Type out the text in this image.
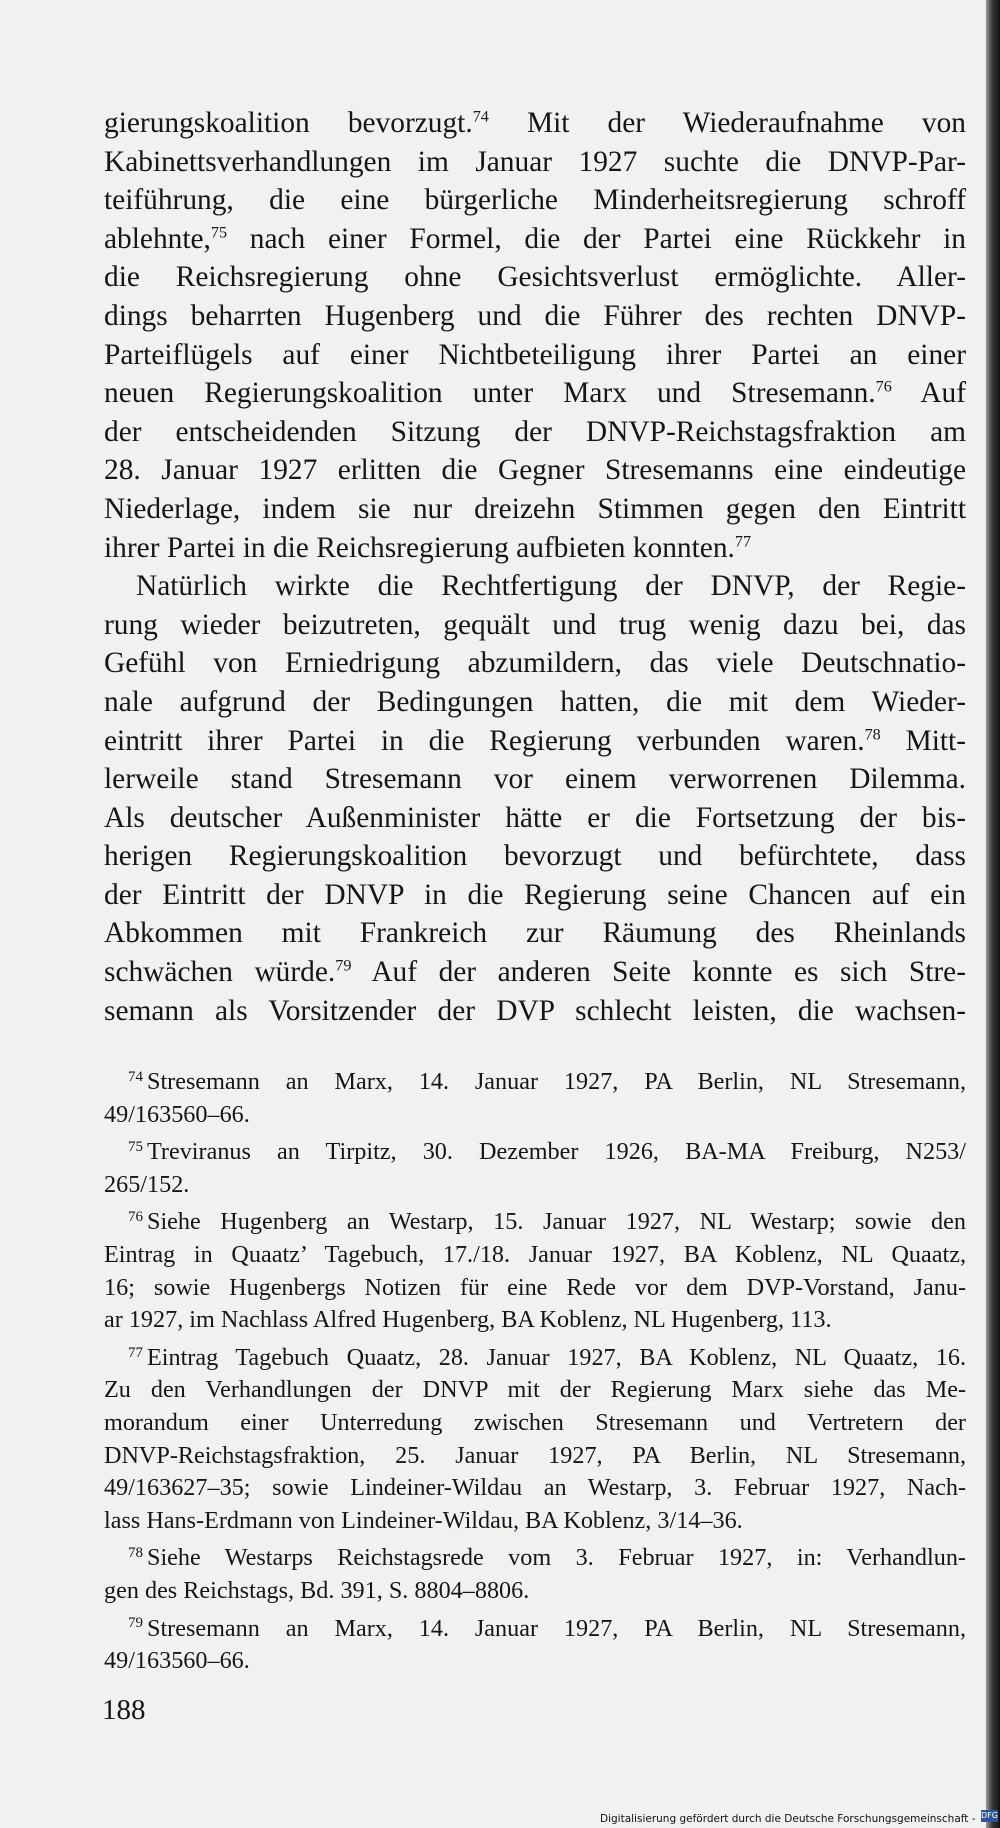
gierungskoalition bevorzugt.$^{74}$ Mit der Wiederaufnahme von
Kabinettsverhandlungen im Januar 1927 suchte die DNVP-Par-
teiführung, die eine bürgerliche Minderheitsregierung schroff
ablehnte,$^{75}$ nach einer Formel, die der Partei eine Rückkehr in
die Reichsregierung ohne Gesichtsverlust ermöglichte. Aller-
dings beharrten Hugenberg und die Führer des rechten DNVP-
Parteiflügels auf einer Nichtbeteiligung ihrer Partei an einer
neuen Regierungskoalition unter Marx und Stresemann.$^{76}$ Auf
der entscheidenden Sitzung der DNVP-Reichstagsfraktion am
28. Januar 1927 erlitten die Gegner Stresemanns eine eindeutige
Niederlage, indem sie nur dreizehn Stimmen gegen den Eintritt
ihrer Partei in die Reichsregierung aufbieten konnten.$^{77}$
Natürlich wirkte die Rechtfertigung der DNVP, der Regie-
rung wieder beizutreten, gequält und trug wenig dazu bei, das
Gefühl von Erniedrigung abzumildern, das viele Deutschnatio-
nale aufgrund der Bedingungen hatten, die mit dem Wieder-
eintritt ihrer Partei in die Regierung verbunden waren.$^{78}$ Mitt-
lerweile stand Stresemann vor einem verworrenen Dilemma.
Als deutscher Außenminister hätte er die Fortsetzung der bis-
herigen Regierungskoalition bevorzugt und befürchtete, dass
der Eintritt der DNVP in die Regierung seine Chancen auf ein
Abkommen mit Frankreich zur Räumung des Rheinlands
schwächen würde.$^{79}$ Auf der anderen Seite konnte es sich Stre-
semann als Vorsitzender der DVP schlecht leisten, die wachsen-
$^{74}$ Stresemann an Marx, 14. Januar 1927, PA Berlin, NL Stresemann,
49/163560–66.
$^{75}$ Treviranus an Tirpitz, 30. Dezember 1926, BA-MA Freiburg, N253/
265/152.
$^{76}$ Siehe Hugenberg an Westarp, 15. Januar 1927, NL Westarp; sowie den
Eintrag in Quaatz’ Tagebuch, 17./18. Januar 1927, BA Koblenz, NL Quaatz,
16; sowie Hugenbergs Notizen für eine Rede vor dem DVP-Vorstand, Janu-
ar 1927, im Nachlass Alfred Hugenberg, BA Koblenz, NL Hugenberg, 113.
$^{77}$ Eintrag Tagebuch Quaatz, 28. Januar 1927, BA Koblenz, NL Quaatz, 16.
Zu den Verhandlungen der DNVP mit der Regierung Marx siehe das Me-
morandum einer Unterredung zwischen Stresemann und Vertretern der
DNVP-Reichstagsfraktion, 25. Januar 1927, PA Berlin, NL Stresemann,
49/163627–35; sowie Lindeiner-Wildau an Westarp, 3. Februar 1927, Nach-
lass Hans-Erdmann von Lindeiner-Wildau, BA Koblenz, 3/14–36.
$^{78}$ Siehe Westarps Reichstagsrede vom 3. Februar 1927, in: Verhandlun-
gen des Reichstags, Bd. 391, S. 8804–8806.
$^{79}$ Stresemann an Marx, 14. Januar 1927, PA Berlin, NL Stresemann,
49/163560–66.
188
Digitalisierung gefördert durch die Deutsche Forschungsgemeinschaft - DFG
